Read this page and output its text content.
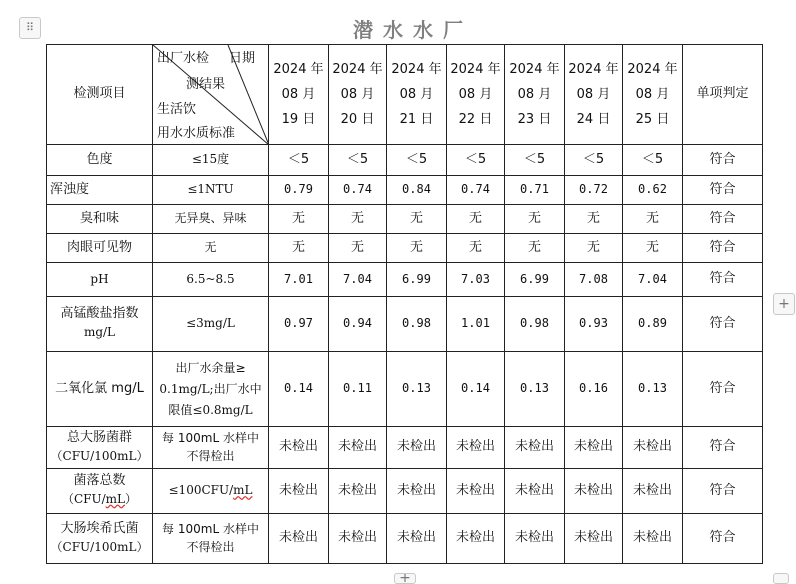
⠿	潜水水厂
检测项目	出厂水检 日期
测结果
生活饮
用水水质标准	2024 年
08 月
19 日	2024 年
08 月
20 日	2024 年
08 月
21 日	2024 年
08 月
22 日	2024 年
08 月
23 日	2024 年
08 月
24 日	2024 年
08 月
25 日	单项判定
色度	≤15度	＜5	＜5	＜5	＜5	＜5	＜5	＜5	符合
浑浊度	≤1NTU	0.79	0.74	0.84	0.74	0.71	0.72	0.62	符合
臭和味	无异臭、异味	无	无	无	无	无	无	无	符合
肉眼可见物	无	无	无	无	无	无	无	无	符合
pH	6.5~8.5	7.01	7.04	6.99	7.03	6.99	7.08	7.04	符合
高锰酸盐指数
mg/L	≤3mg/L	0.97	0.94	0.98	1.01	0.98	0.93	0.89	符合
二氧化氯 mg/L	出厂水余量≥
0.1mg/L;出厂水中
限值≤0.8mg/L	0.14	0.11	0.13	0.14	0.13	0.16	0.13	符合
总大肠菌群
（CFU/100mL）	每 100mL 水样中
不得检出	未检出	未检出	未检出	未检出	未检出	未检出	未检出	符合
菌落总数
（CFU/mL）	≤100CFU/mL	未检出	未检出	未检出	未检出	未检出	未检出	未检出	符合
大肠埃希氏菌
（CFU/100mL）	每 100mL 水样中
不得检出	未检出	未检出	未检出	未检出	未检出	未检出	未检出	符合
+
+
